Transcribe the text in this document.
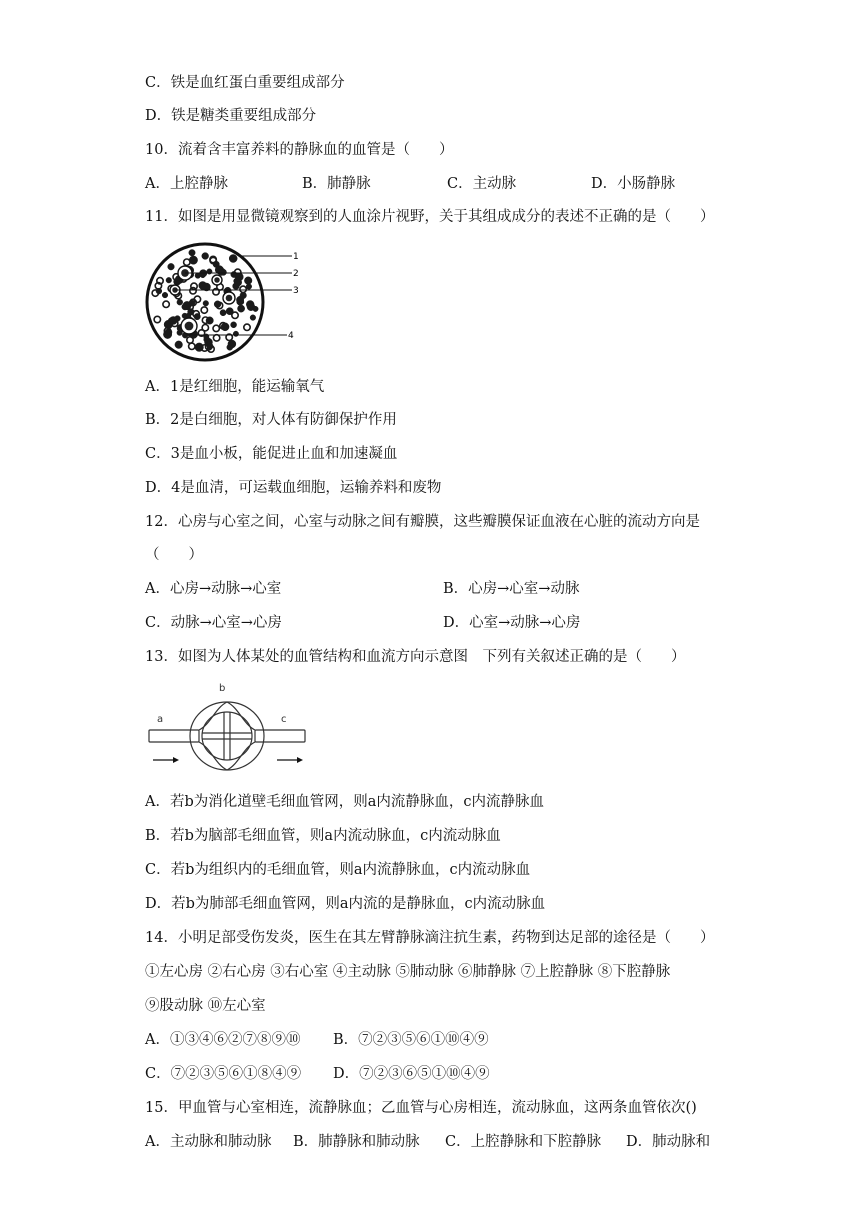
C．铁是血红蛋白重要组成部分
D．铁是糖类重要组成部分
10．流着含丰富养料的静脉血的血管是（　　）
A．上腔静脉	B．肺静脉	C．主动脉	D．小肠静脉
11．如图是用显微镜观察到的人血涂片视野，关于其组成成分的表述不正确的是（　　）
1
2
3
4
A．1是红细胞，能运输氧气
B．2是白细胞，对人体有防御保护作用
C．3是血小板，能促进止血和加速凝血
D．4是血清，可运载血细胞，运输养料和废物
12．心房与心室之间，心室与动脉之间有瓣膜，这些瓣膜保证血液在心脏的流动方向是
（　　）
A．心房→动脉→心室	B．心房→心室→动脉
C．动脉→心室→心房	D．心室→动脉→心房
13．如图为人体某处的血管结构和血流方向示意图　下列有关叙述正确的是（　　）
a
b
c
A．若b为消化道壁毛细血管网，则a内流静脉血，c内流静脉血
B．若b为脑部毛细血管，则a内流动脉血，c内流动脉血
C．若b为组织内的毛细血管，则a内流静脉血，c内流动脉血
D．若b为肺部毛细血管网，则a内流的是静脉血，c内流动脉血
14．小明足部受伤发炎，医生在其左臂静脉滴注抗生素，药物到达足部的途径是（　　）
①左心房 ②右心房 ③右心室 ④主动脉 ⑤肺动脉 ⑥肺静脉 ⑦上腔静脉 ⑧下腔静脉
⑨股动脉 ⑩左心室
A．①③④⑥②⑦⑧⑨⑩ B．⑦②③⑤⑥①⑩④⑨
C．⑦②③⑤⑥①⑧④⑨ D．⑦②③⑥⑤①⑩④⑨
15．甲血管与心室相连，流静脉血；乙血管与心房相连，流动脉血，这两条血管依次()
A．主动脉和肺动脉 B．肺静脉和肺动脉 C．上腔静脉和下腔静脉 D．肺动脉和
